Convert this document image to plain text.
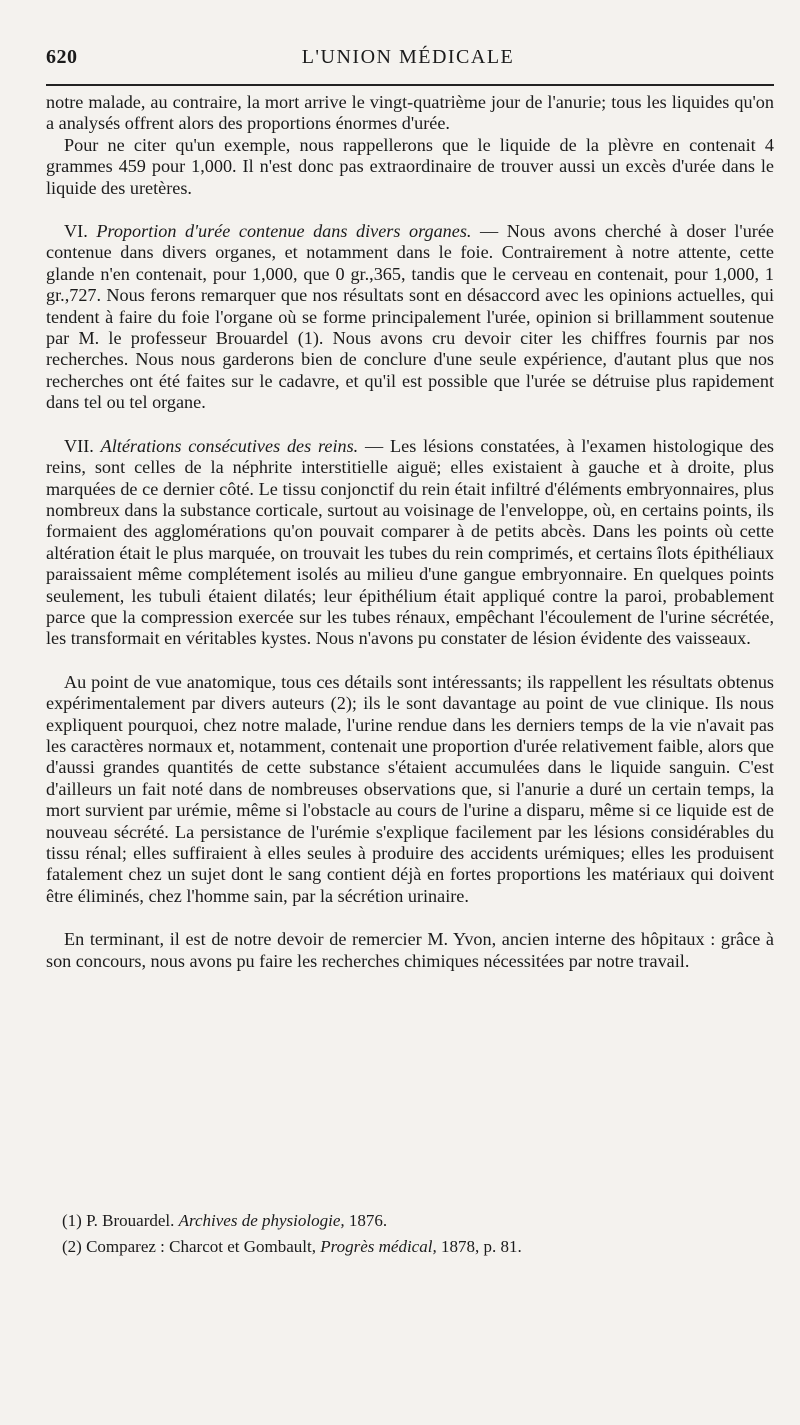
620	L'UNION MÉDICALE

notre malade, au contraire, la mort arrive le vingt-quatrième jour de l'anurie; tous les liquides qu'on a analysés offrent alors des proportions énormes d'urée.

Pour ne citer qu'un exemple, nous rappellerons que le liquide de la plèvre en contenait 4 grammes 459 pour 1,000. Il n'est donc pas extraordinaire de trouver aussi un excès d'urée dans le liquide des uretères.

VI. Proportion d'urée contenue dans divers organes. — Nous avons cherché à doser l'urée contenue dans divers organes, et notamment dans le foie. Contrairement à notre attente, cette glande n'en contenait, pour 1,000, que 0 gr.,365, tandis que le cerveau en contenait, pour 1,000, 1 gr.,727. Nous ferons remarquer que nos résultats sont en désaccord avec les opinions actuelles, qui tendent à faire du foie l'organe où se forme principalement l'urée, opinion si brillamment soutenue par M. le professeur Brouardel (1). Nous avons cru devoir citer les chiffres fournis par nos recherches. Nous nous garderons bien de conclure d'une seule expérience, d'autant plus que nos recherches ont été faites sur le cadavre, et qu'il est possible que l'urée se détruise plus rapidement dans tel ou tel organe.

VII. Altérations consécutives des reins. — Les lésions constatées, à l'examen histologique des reins, sont celles de la néphrite interstitielle aiguë; elles existaient à gauche et à droite, plus marquées de ce dernier côté. Le tissu conjonctif du rein était infiltré d'éléments embryonnaires, plus nombreux dans la substance corticale, surtout au voisinage de l'enveloppe, où, en certains points, ils formaient des agglomérations qu'on pouvait comparer à de petits abcès. Dans les points où cette altération était le plus marquée, on trouvait les tubes du rein comprimés, et certains îlots épithéliaux paraissaient même complétement isolés au milieu d'une gangue embryonnaire. En quelques points seulement, les tubuli étaient dilatés; leur épithélium était appliqué contre la paroi, probablement parce que la compression exercée sur les tubes rénaux, empêchant l'écoulement de l'urine sécrétée, les transformait en véritables kystes. Nous n'avons pu constater de lésion évidente des vaisseaux.

Au point de vue anatomique, tous ces détails sont intéressants; ils rappellent les résultats obtenus expérimentalement par divers auteurs (2); ils le sont davantage au point de vue clinique. Ils nous expliquent pourquoi, chez notre malade, l'urine rendue dans les derniers temps de la vie n'avait pas les caractères normaux et, notamment, contenait une proportion d'urée relativement faible, alors que d'aussi grandes quantités de cette substance s'étaient accumulées dans le liquide sanguin. C'est d'ailleurs un fait noté dans de nombreuses observations que, si l'anurie a duré un certain temps, la mort survient par urémie, même si l'obstacle au cours de l'urine a disparu, même si ce liquide est de nouveau sécrété. La persistance de l'urémie s'explique facilement par les lésions considérables du tissu rénal; elles suffiraient à elles seules à produire des accidents urémiques; elles les produisent fatalement chez un sujet dont le sang contient déjà en fortes proportions les matériaux qui doivent être éliminés, chez l'homme sain, par la sécrétion urinaire.

En terminant, il est de notre devoir de remercier M. Yvon, ancien interne des hôpitaux : grâce à son concours, nous avons pu faire les recherches chimiques nécessitées par notre travail.

(1) P. Brouardel. Archives de physiologie, 1876.

(2) Comparez : Charcot et Gombault, Progrès médical, 1878, p. 81.
